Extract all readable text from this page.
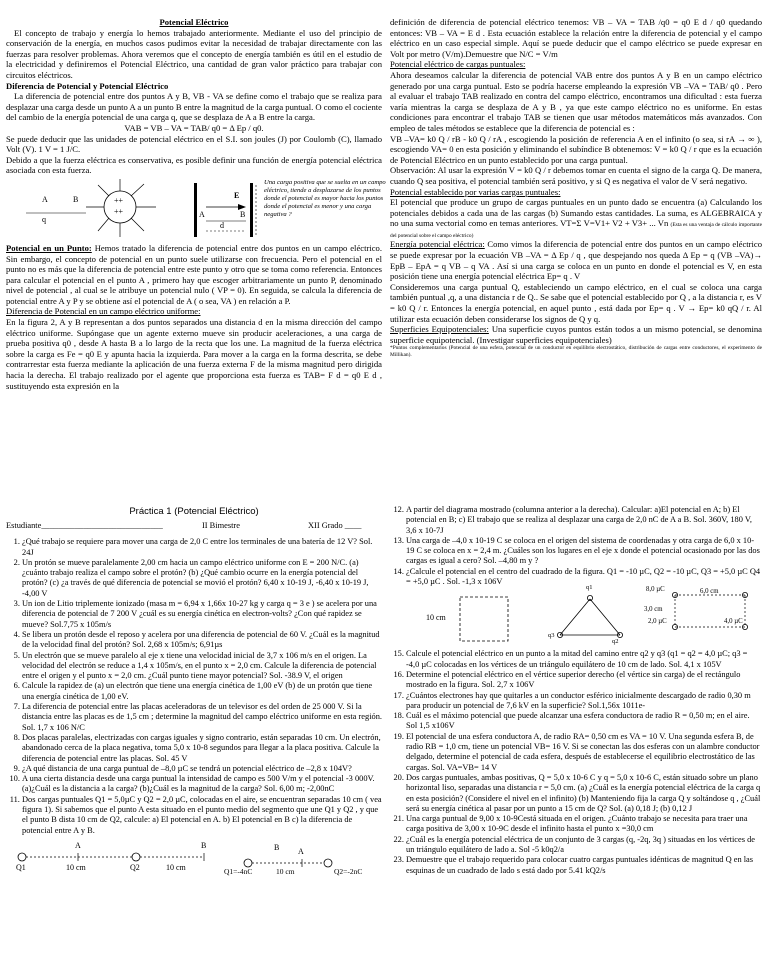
Potencial Eléctrico

El concepto de trabajo y energía lo hemos trabajado anteriormente. Mediante el uso del principio de conservación de la energía, en muchos casos pudimos evitar la necesidad de trabajar directamente con las fuerzas para resolver problemas. Ahora veremos que el concepto de energía también es útil en el estudio de la electricidad y definiremos el Potencial Eléctrico, una cantidad de gran valor práctico para trabajar con circuitos eléctricos.

Diferencia de Potencial y Potencial Eléctrico

La diferencia de potencial entre dos puntos A y B, VB - VA se define como el trabajo que se realiza para desplazar una carga desde un punto A a un punto B entre la magnitud de la carga puntual. O como el cociente del cambio de la energía potencial de una carga q, que se desplaza de A a B entre la carga.

VAB = VB – VA = TAB/ q0 = Δ Ep / q0.

Se puede deducir que las unidades de potencial eléctrico en el S.I. son joules (J) por Coulomb (C), llamado Volt (V). 1 V = 1 J/C.

Debido a que la fuerza eléctrica es conservativa, es posible definir una función de energía potencial eléctrica asociada con esta fuerza.

A	B
q
++
++
E
A	B
d
Una carga positiva que se suelta en un campo eléctrico, tiende a desplazarse de los puntos donde el potencial es mayor hacia los puntos donde el potencial es menor y una carga negativa ?

Potencial en un Punto: Hemos tratado la diferencia de potencial entre dos puntos en un campo eléctrico. Sin embargo, el concepto de potencial en un punto suele utilizarse con frecuencia. Pero el potencial en el punto no es más que la diferencia de potencial entre este punto y otro que se toma como referencia. Entonces para calcular el potencial en el punto A , primero hay que escoger arbitrariamente un punto P, denominado nivel de potencial , al cual se le atribuye un potencial nulo ( VP = 0). En seguida, se calcula la diferencia de potencial entre A y P y se obtiene así el potencial de A ( o sea, VA ) en relación a P.

Diferencia de Potencial en un campo eléctrico uniforme:

En la figura 2, A y B representan a dos puntos separados una distancia d en la misma dirección del campo eléctrico uniforme. Supóngase que un agente externo mueve sin producir aceleraciones, a una carga de prueba positiva q0 , desde A hasta B a lo largo de la recta que los une. La magnitud de la fuerza eléctrica sobre la carga es Fe = q0 E y apunta hacia la izquierda. Para mover a la carga en la forma descrita, se debe contrarrestar esta fuerza mediante la aplicación de una fuerza externa F de la misma magnitud pero dirigida hacia la derecha. El trabajo realizado por el agente que proporciona esta fuerza es TAB= F d = q0 E d , sustituyendo esta expresión en la

definición de diferencia de potencial eléctrico tenemos: VB – VA = TAB /q0 = q0 E d / q0 quedando entonces: VB – VA = E d . Esta ecuación establece la relación entre la diferencia de potencial y el campo eléctrico en un caso especial simple. Aquí se puede deducir que el campo eléctrico se puede expresar en Volt por metro (V/m).Demuestre que N/C = V/m

Potencial eléctrico de cargas puntuales:

Ahora deseamos calcular la diferencia de potencial VAB entre dos puntos A y B en un campo eléctrico generado por una carga puntual. Esto se podría hacerse empleando la expresión VB –VA = TAB/ q0 . Pero al evaluar el trabajo TAB realizado en contra del campo eléctrico, encontramos una dificultad : esta fuerza varía mientras la carga se desplaza de A y B , ya que este campo eléctrico no es uniforme. En estas condiciones para encontrar el trabajo TAB se tienen que usar métodos matemáticos más avanzados. Con empleo de tales métodos se establece que la diferencia de potencial es :

VB –VA= k0 Q / rB - k0 Q / rA , escogiendo la posición de referencia A en el infinito (o sea, si rA → ∞ ), escogiendo VA= 0 en esta posición y eliminando el subíndice B obtenemos: V = k0 Q / r que es la ecuación de Potencial Eléctrico en un punto establecido por una carga puntual.

Observación: Al usar la expresión V = k0 Q / r debemos tomar en cuenta el signo de la carga Q. De manera, cuando Q sea positiva, el potencial también será positivo, y si Q es negativa el valor de V será negativo.

Potencial establecido por varias cargas puntuales:

El potencial que produce un grupo de cargas puntuales en un punto dado se encuentra (a) Calculando los potenciales debidos a cada una de las cargas (b) Sumando estas cantidades. La suma, es ALGEBRAICA y no una suma vectorial como en temas anteriores. VT=Σ V=V1+ V2 + V3+ ... Vn (Esta es una ventaja de cálculo importante del potencial sobre el campo eléctrico)

Energía potencial eléctrica: Como vimos la diferencia de potencial entre dos puntos en un campo eléctrico se puede expresar por la ecuación VB –VA = Δ Ep / q , que despejando nos queda Δ Ep = q (VB –VA)→ EpB – EpA = q VB – q VA . Así si una carga se coloca en un punto en donde el potencial es V, en esta posición tiene una energía potencial eléctrica Ep= q . V

Consideremos una carga puntual Q, estableciendo un campo eléctrico, en el cual se coloca una carga también puntual ,q, a una distancia r de Q.. Se sabe que el potencial establecido por Q , a la distancia r, es V = k0 Q / r. Entonces la energía potencial, en aquel punto , está dada por Ep= q . V → Ep= k0 qQ / r. Al utilizar esta ecuación deben considerarse los signos de Q y q.

Superficies Equipotenciales: Una superficie cuyos puntos están todos a un mismo potencial, se denomina superficie equipotencial. (Investigar superficies equipotenciales)

*Puntos complementarios (Potencial de una esfera, potencial de un conductor en equilibrio electrostático, distribución de cargas entre conductores, el experimento de Millikan).

Práctica 1 (Potencial Eléctrico)

Estudiante_____________________________	II Bimestre	XII Grado ____

1. ¿Qué trabajo se requiere para mover una carga de 2,0 C entre los terminales de una batería de 12 V? Sol. 24J
2. Un protón se mueve paralelamente 2,00 cm hacia un campo eléctrico uniforme con E = 200 N/C. (a) ¿cuánto trabajo realiza el campo sobre el protón? (b) ¿Qué cambio ocurre en la energía potencial del protón? (c) ¿a través de qué diferencia de potencial se movió el protón? 6,40 x 10-19 J, -6,40 x 10-19 J, -4,00 V
3. Un ion de Litio triplemente ionizado (masa m = 6,94 x 1,66x 10-27 kg y carga q = 3 e ) se acelera por una diferencia de potencial de 7 200 V ¿cuál es su energía cinética en electron-volts? ¿Con qué rapidez se mueve? Sol.7,75 x 105m/s
4. Se libera un protón desde el reposo y acelera por una diferencia de potencial de 60 V. ¿Cuál es la magnitud de la velocidad final del protón? Sol. 2,68 x 105m/s; 6,91µs
5. Un electrón que se mueve paralelo al eje x tiene una velocidad inicial de 3,7 x 106 m/s en el origen. La velocidad del electrón se reduce a 1,4 x 105m/s, en el punto x = 2,0 cm. Calcule la diferencia de potencial entre el origen y el punto x = 2,0 cm. ¿Cuál punto tiene mayor potencial? Sol. -38.9 V, el origen
6. Calcule la rapidez de (a) un electrón que tiene una energía cinética de 1,00 eV (b) de un protón que tiene una energía cinética de 1,00 eV.
7. La diferencia de potencial entre las placas aceleradoras de un televisor es del orden de 25 000 V. Si la distancia entre las placas es de 1,5 cm ; determine la magnitud del campo eléctrico uniforme en esta región. Sol. 1,7 x 106 N/C
8. Dos placas paralelas, electrizadas con cargas iguales y signo contrario, están separadas 10 cm. Un electrón, abandonado cerca de la placa negativa, toma 5,0 x 10-8 segundos para llegar a la placa positiva. Calcule la diferencia de potencial entre las placas. Sol. 45 V
9. ¿A qué distancia de una carga puntual de –8,0 µC se tendrá un potencial eléctrico de –2,8 x 104V?
10. A una cierta distancia desde una carga puntual la intensidad de campo es 500 V/m y el potencial -3 000V. (a)¿Cuál es la distancia a la carga? (b)¿Cuál es la magnitud de la carga? Sol. 6,00 m; -2,00nC
11. Dos cargas puntuales Q1 = 5,0µC y Q2 = 2,0 µC, colocadas en el aire, se encuentran separadas 10 cm ( vea figura 1). Si sabemos que el punto A esta situado en el punto medio del segmento que une Q1 y Q2 , y que el punto B dista 10 cm de Q2, calcule: a) El potencial en A. b) El potencial en B c) la diferencia de potencial entre A y B.
A	B
Q1	10 cm	Q2	10 cm
A
B
Q1=-4nC	10 cm	Q2=-2nC
12. A partir del diagrama mostrado (columna anterior a la derecha). Calcular: a)El potencial en A; b) El potencial en B; c) El trabajo que se realiza al desplazar una carga de 2,0 nC de A a B. Sol. 360V, 180 V, 3,6 x 10-7J
13. Una carga de –4,0 x 10-19 C se coloca en el origen del sistema de coordenadas y otra carga de 6,0 x 10-19 C se coloca en x = 2,4 m. ¿Cuáles son los lugares en el eje x donde el potencial ocasionado por las dos cargas es igual a cero? Sol. –4,80 m y ?
14. ¿Calcule el potencial en el centro del cuadrado de la figura. Q1 = -10 µC, Q2 = -10 µC, Q3 = +5,0 µC Q4 = +5,0 µC . Sol. -1,3 x 106V
10 cm
q1
q2
q3
8,0 µC	6,0 cm
3,0 cm
2,0 µC	4,0 µC
15. Calcule el potencial eléctrico en un punto a la mitad del camino entre q2 y q3 (q1 = q2 = 4,0 µC; q3 = -4,0 µC colocadas en los vértices de un triángulo equilátero de 10 cm de lado. Sol. 4,1 x 105V
16. Determine el potencial eléctrico en el vértice superior derecho (el vértice sin carga) de el rectángulo mostrado en la figura. Sol. 2,7 x 106V
17. ¿Cuántos electrones hay que quitarles a un conductor esférico inicialmente descargado de radio 0,30 m para producir un potencial de 7,6 kV en la superficie? Sol.1,56x 1011e-
18. Cuál es el máximo potencial que puede alcanzar una esfera conductora de radio R = 0,50 m; en el aire. Sol 1,5 x106V
19. El potencial de una esfera conductora A, de radio RA= 0,50 cm es VA = 10 V. Una segunda esfera B, de radio RB = 1,0 cm, tiene un potencial VB= 16 V. Si se conectan las dos esferas con un alambre conductor delgado, determine el potencial de cada esfera, después de establecerse el equilibrio electrostático de las cargas. Sol. VA=VB= 14 V
20. Dos cargas puntuales, ambas positivas, Q = 5,0 x 10-6 C y q = 5,0 x 10-6 C, están situado sobre un plano horizontal liso, separadas una distancia r = 5,0 cm. (a) ¿Cuál es la energía potencial eléctrica de la carga q en esta posición? (Considere el nivel en el infinito) (b) Manteniendo fija la carga Q y soltándose q , ¿Cuál será su energía cinética al pasar por un punto a 15 cm de Q? Sol. (a) 0,18 J; (b) 0,12 J
21. Una carga puntual de 9,00 x 10-9Cestá situada en el origen. ¿Cuánto trabajo se necesita para traer una carga positiva de 3,00 x 10-9C desde el infinito hasta el punto x =30,0 cm
22. ¿Cuál es la energía potencial eléctrica de un conjunto de 3 cargas (q, -2q, 3q ) situadas en los vértices de un triángulo equilátero de lado a. Sol -5 k0q2/a
23. Demuestre que el trabajo requerido para colocar cuatro cargas puntuales idénticas de magnitud Q en las esquinas de un cuadrado de lado s está dado por 5.41 kQ2/s
